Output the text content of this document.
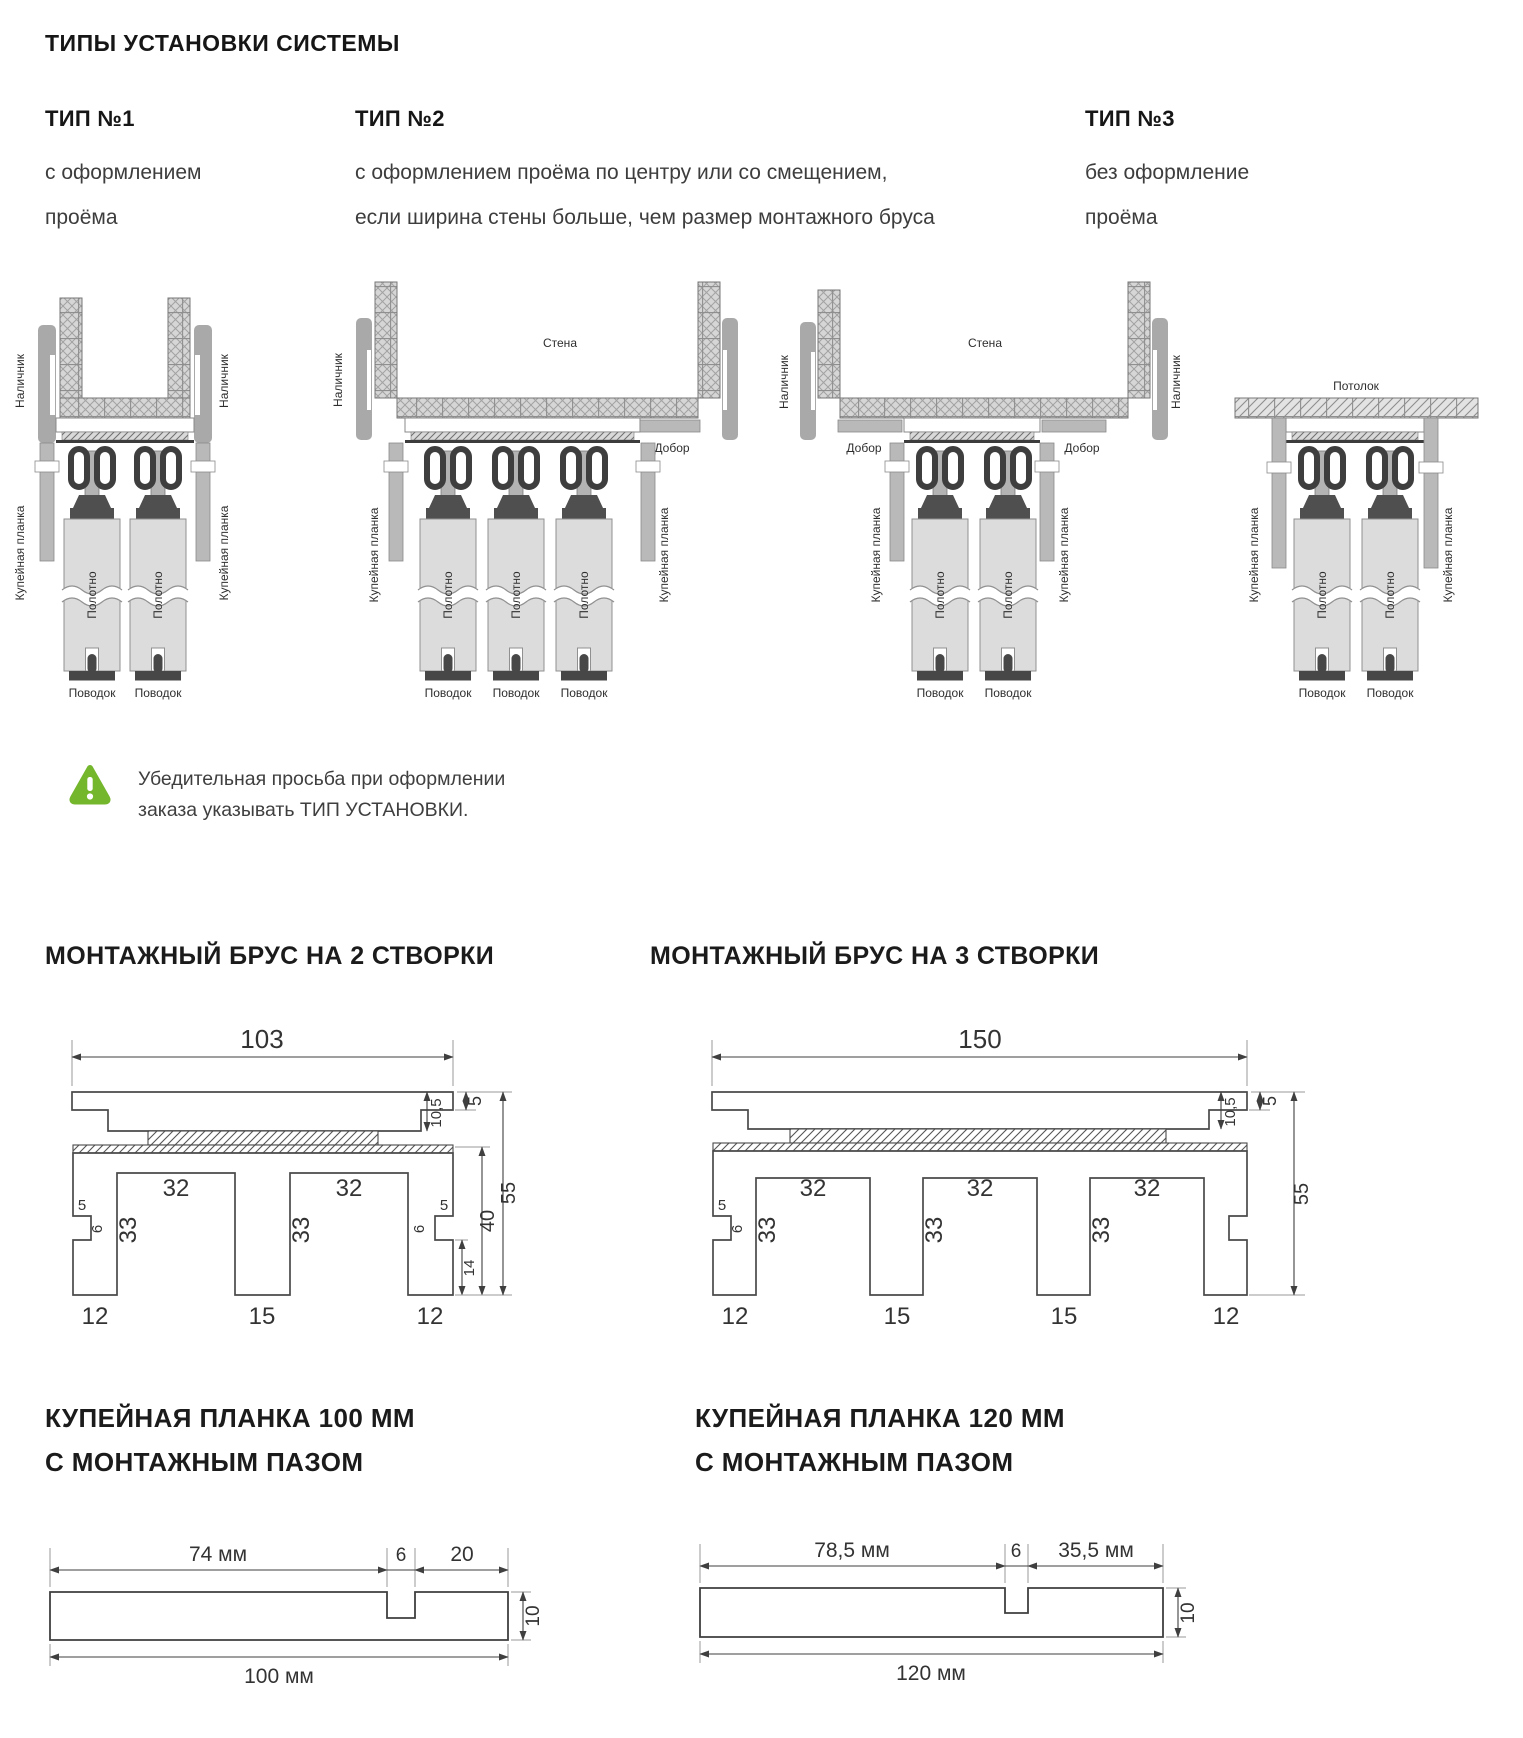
ТИПЫ УСТАНОВКИ СИСТЕМЫ
ТИП №1
с оформлением
проёма
ТИП №2
с оформлением проёма по центру или со смещением,
если ширина стены больше, чем размер монтажного бруса
ТИП №3
без оформление
проёма
Наличник	Наличник
Купейная планка	Купейная планка
Полотно	Полотно
Поводок Поводок
Стена
Добор
Наличник
Купейная планка	Купейная планка
Полотно	Полотно	Полотно
Поводок Поводок Поводок
Стена
Добор	Добор
Наличник	Наличник
Купейная планка	Купейная планка
Полотно	Полотно
Поводок Поводок
Потолок
Купейная планка	Купейная планка
Полотно	Полотно
Поводок Поводок
Убедительная просьба при оформлении
заказа указывать ТИП УСТАНОВКИ.
МОНТАЖНЫЙ БРУС НА 2 СТВОРКИ	МОНТАЖНЫЙ БРУС НА 3 СТВОРКИ
103
5
10,5
14
40
55
5
6
5
6
32	32
33	33
12	15	12
150
5
10,5
55
5
6
32	32	32
33	33	33
12	15	15	12
КУПЕЙНАЯ ПЛАНКА 100 ММ
С МОНТАЖНЫМ ПАЗОМ
КУПЕЙНАЯ ПЛАНКА 120 ММ
С МОНТАЖНЫМ ПАЗОМ
74 мм	6 20
10
100 мм
78,5 мм	6 35,5 мм
10
120 мм
